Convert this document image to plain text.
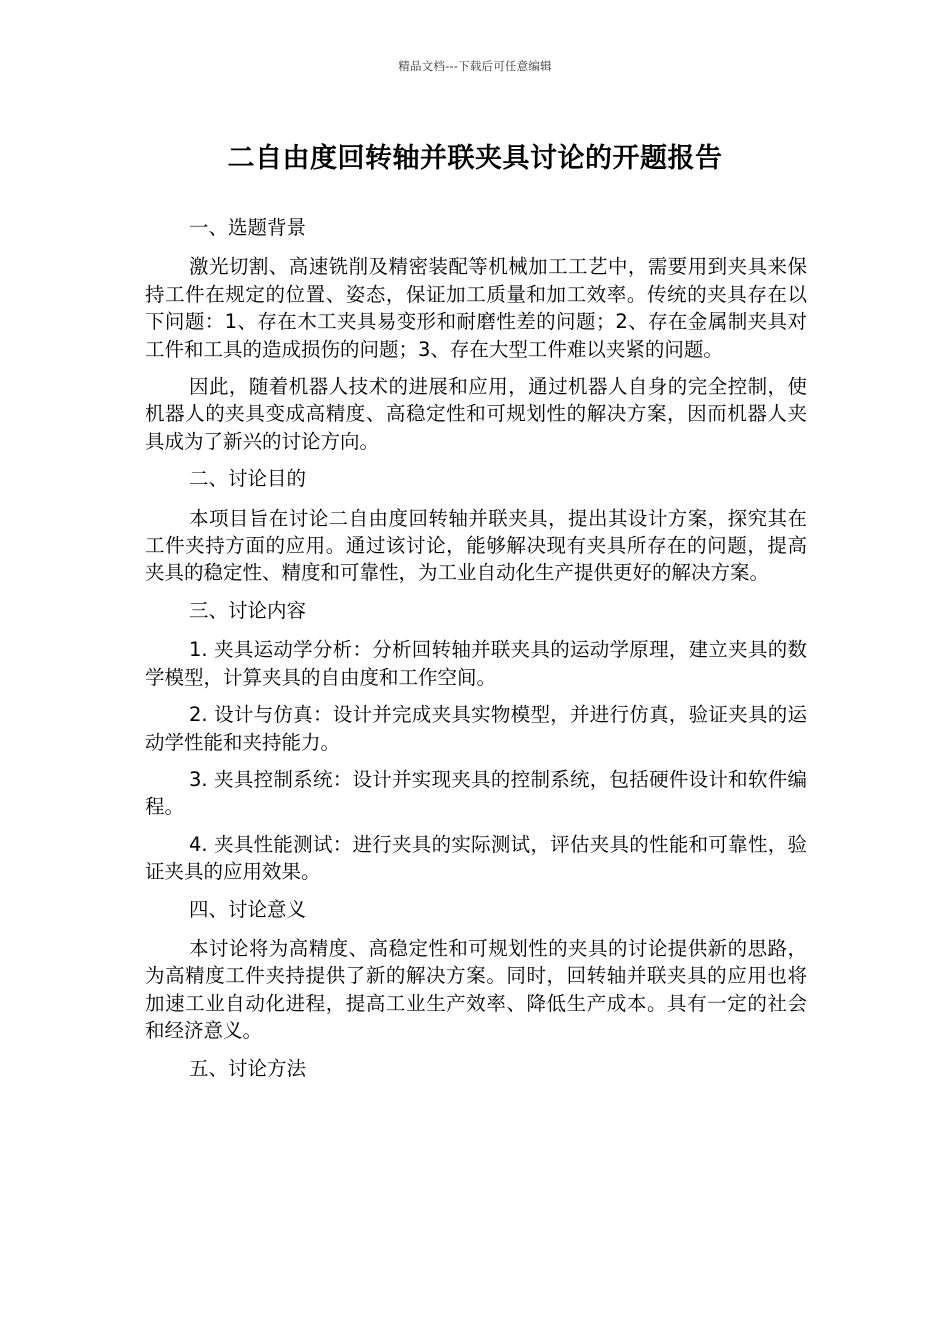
精品文档---下载后可任意编辑
二自由度回转轴并联夹具讨论的开题报告

一、选题背景

激光切割、高速铣削及精密装配等机械加工工艺中，需要用到夹具来保持工件在规定的位置、姿态，保证加工质量和加工效率。传统的夹具存在以下问题：1、存在木工夹具易变形和耐磨性差的问题；2、存在金属制夹具对工件和工具的造成损伤的问题；3、存在大型工件难以夹紧的问题。

因此，随着机器人技术的进展和应用，通过机器人自身的完全控制，使机器人的夹具变成高精度、高稳定性和可规划性的解决方案，因而机器人夹具成为了新兴的讨论方向。

二、讨论目的

本项目旨在讨论二自由度回转轴并联夹具，提出其设计方案，探究其在工件夹持方面的应用。通过该讨论，能够解决现有夹具所存在的问题，提高夹具的稳定性、精度和可靠性，为工业自动化生产提供更好的解决方案。

三、讨论内容

1. 夹具运动学分析：分析回转轴并联夹具的运动学原理，建立夹具的数学模型，计算夹具的自由度和工作空间。

2. 设计与仿真：设计并完成夹具实物模型，并进行仿真，验证夹具的运动学性能和夹持能力。

3. 夹具控制系统：设计并实现夹具的控制系统，包括硬件设计和软件编程。

4. 夹具性能测试：进行夹具的实际测试，评估夹具的性能和可靠性，验证夹具的应用效果。

四、讨论意义

本讨论将为高精度、高稳定性和可规划性的夹具的讨论提供新的思路，为高精度工件夹持提供了新的解决方案。同时，回转轴并联夹具的应用也将加速工业自动化进程，提高工业生产效率、降低生产成本。具有一定的社会和经济意义。

五、讨论方法
